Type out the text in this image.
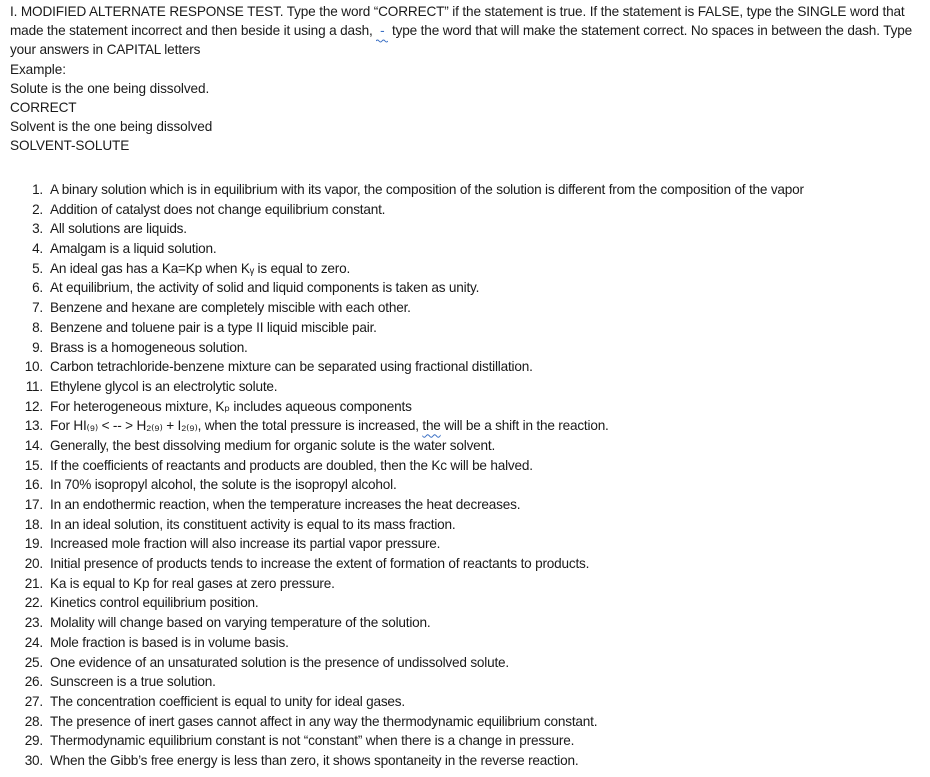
I. MODIFIED ALTERNATE RESPONSE TEST. Type the word “CORRECT” if the statement is true. If the statement is FALSE, type the SINGLE word that made the statement incorrect and then beside it using a dash, - type the word that will make the statement correct. No spaces in between the dash. Type your answers in CAPITAL letters

Example:

Solute is the one being dissolved.

CORRECT

Solvent is the one being dissolved

SOLVENT-SOLUTE

1. A binary solution which is in equilibrium with its vapor, the composition of the solution is different from the composition of the vapor
2. Addition of catalyst does not change equilibrium constant.
3. All solutions are liquids.
4. Amalgam is a liquid solution.
5. An ideal gas has a Ka=Kp when Kᵧ is equal to zero.
6. At equilibrium, the activity of solid and liquid components is taken as unity.
7. Benzene and hexane are completely miscible with each other.
8. Benzene and toluene pair is a type II liquid miscible pair.
9. Brass is a homogeneous solution.
10. Carbon tetrachloride-benzene mixture can be separated using fractional distillation.
11. Ethylene glycol is an electrolytic solute.
12. For heterogeneous mixture, Kₚ includes aqueous components
13. For HI₍₉₎ < -- > H₂₍₉₎ + I₂₍₉₎, when the total pressure is increased, the will be a shift in the reaction.
14. Generally, the best dissolving medium for organic solute is the water solvent.
15. If the coefficients of reactants and products are doubled, then the Kc will be halved.
16. In 70% isopropyl alcohol, the solute is the isopropyl alcohol.
17. In an endothermic reaction, when the temperature increases the heat decreases.
18. In an ideal solution, its constituent activity is equal to its mass fraction.
19. Increased mole fraction will also increase its partial vapor pressure.
20. Initial presence of products tends to increase the extent of formation of reactants to products.
21. Ka is equal to Kp for real gases at zero pressure.
22. Kinetics control equilibrium position.
23. Molality will change based on varying temperature of the solution.
24. Mole fraction is based is in volume basis.
25. One evidence of an unsaturated solution is the presence of undissolved solute.
26. Sunscreen is a true solution.
27. The concentration coefficient is equal to unity for ideal gases.
28. The presence of inert gases cannot affect in any way the thermodynamic equilibrium constant.
29. Thermodynamic equilibrium constant is not “constant” when there is a change in pressure.
30. When the Gibb’s free energy is less than zero, it shows spontaneity in the reverse reaction.
